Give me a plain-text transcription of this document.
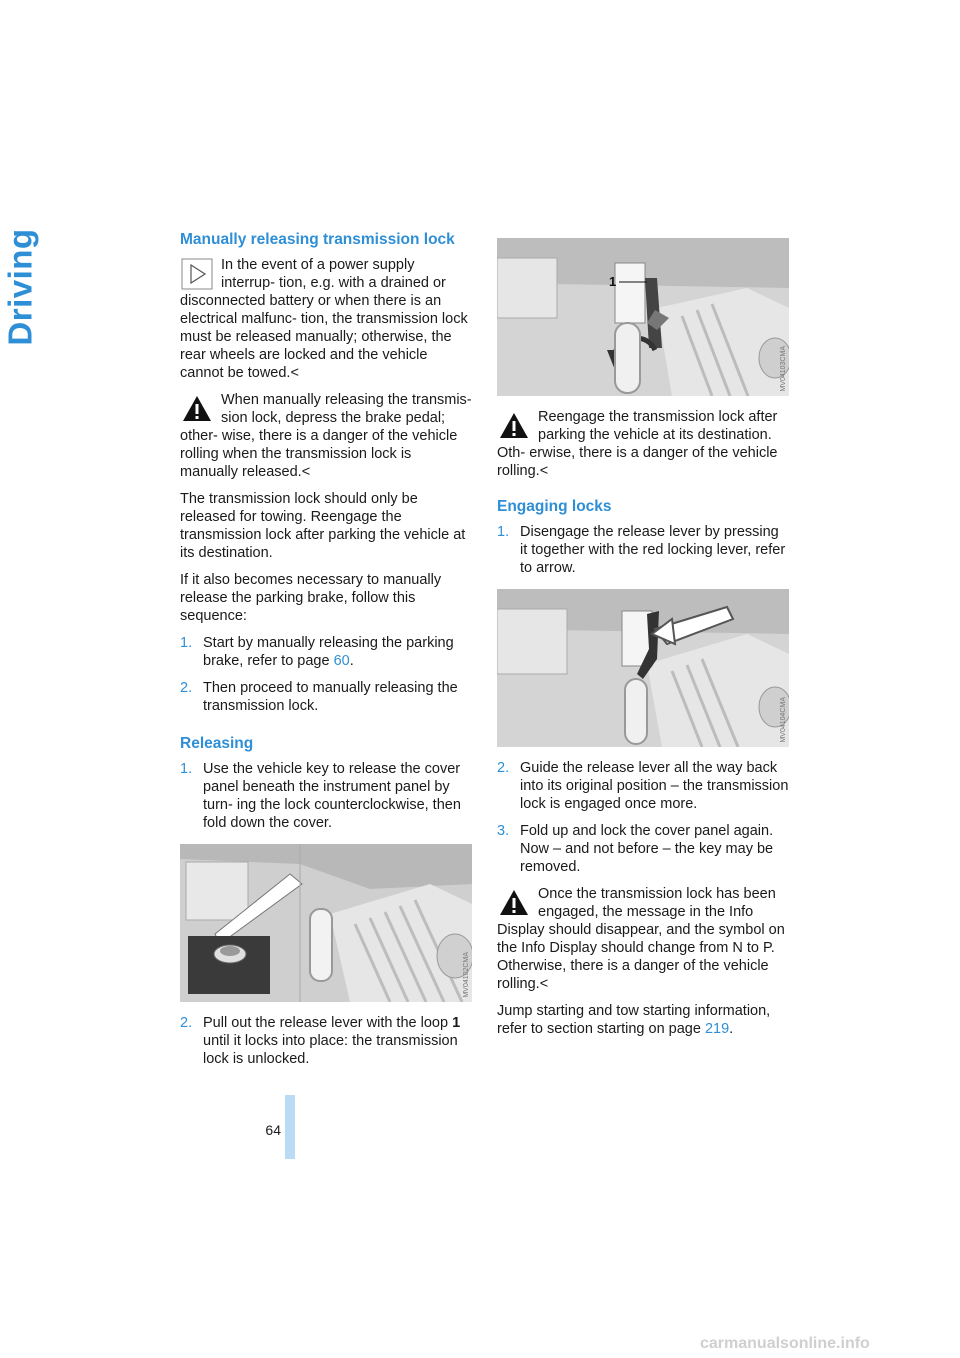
Driving
64
Manually releasing transmission lock

In the event of a power supply interrup- tion, e.g. with a drained or disconnected battery or when there is an electrical malfunc- tion, the transmission lock must be released manually; otherwise, the rear wheels are locked and the vehicle cannot be towed.<

When manually releasing the transmis- sion lock, depress the brake pedal; other- wise, there is a danger of the vehicle rolling when the transmission lock is manually released.<

The transmission lock should only be released for towing. Reengage the transmission lock after parking the vehicle at its destination.

If it also becomes necessary to manually release the parking brake, follow this sequence:

1. Start by manually releasing the parking brake, refer to page 60.
2. Then proceed to manually releasing the transmission lock.
Releasing
1. Use the vehicle key to release the cover panel beneath the instrument panel by turn- ing the lock counterclockwise, then fold down the cover.
MV04102CMA
2. Pull out the release lever with the loop 1 until it locks into place: the transmission lock is unlocked.
1
MV04103CMA

Reengage the transmission lock after parking the vehicle at its destination. Oth- erwise, there is a danger of the vehicle rolling.<

Engaging locks
1. Disengage the release lever by pressing it together with the red locking lever, refer to arrow.
MV04104CMA
2. Guide the release lever all the way back into its original position – the transmission lock is engaged once more.
3. Fold up and lock the cover panel again. Now – and not before – the key may be removed.

Once the transmission lock has been engaged, the message in the Info Display should disappear, and the symbol on the Info Display should change from N to P. Otherwise, there is a danger of the vehicle rolling.<

Jump starting and tow starting information, refer to section starting on page 219.

carmanualsonline.info
